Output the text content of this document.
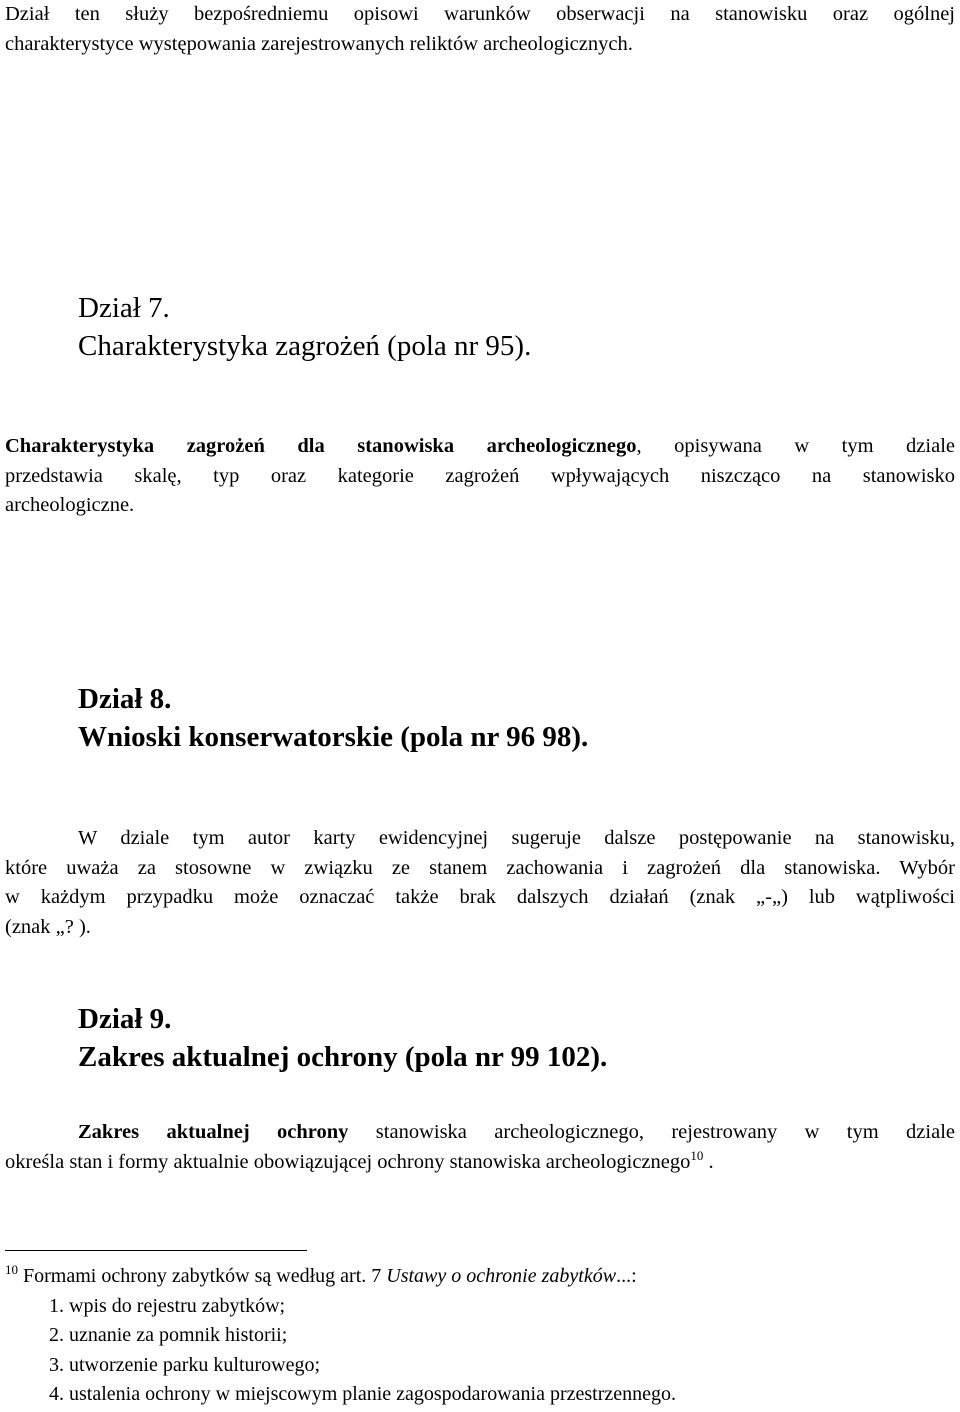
Dział ten służy bezpośredniemu opisowi warunków obserwacji na stanowisku oraz ogólnej
charakterystyce występowania zarejestrowanych reliktów archeologicznych.

Dział 7.
Charakterystyka zagrożeń (pola nr 95).

Charakterystyka zagrożeń dla stanowiska archeologicznego, opisywana w tym dziale
przedstawia skalę, typ oraz kategorie zagrożeń wpływających niszcząco na stanowisko
archeologiczne.

Dział 8.
Wnioski konserwatorskie (pola nr 96 98).

W dziale tym autor karty ewidencyjnej sugeruje dalsze postępowanie na stanowisku,
które uważa za stosowne w związku ze stanem zachowania i zagrożeń dla stanowiska. Wybór
w każdym przypadku może oznaczać także brak dalszych działań (znak „-„) lub wątpliwości
(znak „? ).

Dział 9.
Zakres aktualnej ochrony (pola nr 99 102).

Zakres aktualnej ochrony stanowiska archeologicznego, rejestrowany w tym dziale
określa stan i formy aktualnie obowiązującej ochrony stanowiska archeologicznego$^{10}$ .

$^{10}$ Formami ochrony zabytków są według art. 7 Ustawy o ochronie zabytków...:
1. wpis do rejestru zabytków;
2. uznanie za pomnik historii;
3. utworzenie parku kulturowego;
4. ustalenia ochrony w miejscowym planie zagospodarowania przestrzennego.
